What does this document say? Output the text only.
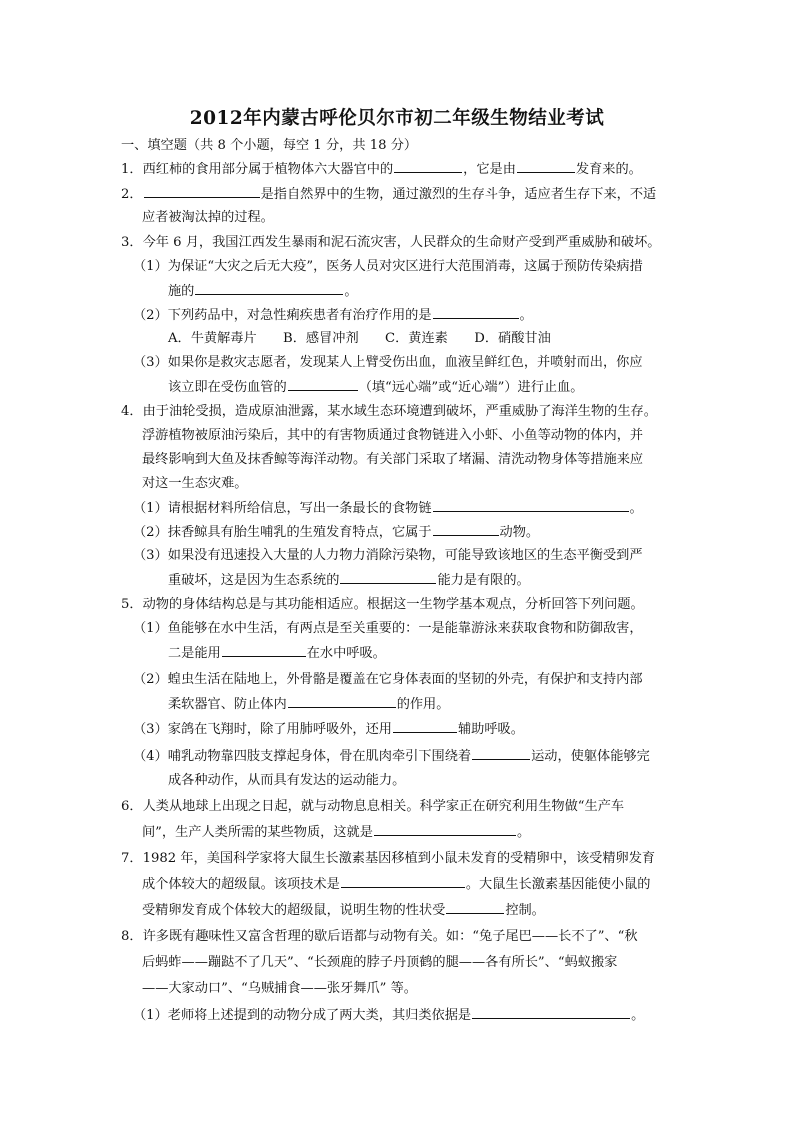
2012年内蒙古呼伦贝尔市初二年级生物结业考试
一、填空题（共 8 个小题，每空 1 分，共 18 分）
1．西红柿的食用部分属于植物体六大器官中的	，它是由	发育来的。
2．	是指自然界中的生物，通过激烈的生存斗争，适应者生存下来，不适
应者被淘汰掉的过程。
3．今年 6 月，我国江西发生暴雨和泥石流灾害，人民群众的生命财产受到严重威胁和破坏。
（1）为保证“大灾之后无大疫”，医务人员对灾区进行大范围消毒，这属于预防传染病措
施的	。
（2）下列药品中，对急性痢疾患者有治疗作用的是	。
A．牛黄解毒片　　B．感冒冲剂　　C．黄连素　　D．硝酸甘油
（3）如果你是救灾志愿者，发现某人上臂受伤出血，血液呈鲜红色，并喷射而出，你应
该立即在受伤血管的	（填“远心端”或“近心端”）进行止血。
4．由于油轮受损，造成原油泄露，某水域生态环境遭到破坏，严重威胁了海洋生物的生存。
浮游植物被原油污染后，其中的有害物质通过食物链进入小虾、小鱼等动物的体内，并
最终影响到大鱼及抹香鲸等海洋动物。有关部门采取了堵漏、清洗动物身体等措施来应
对这一生态灾难。
（1）请根据材料所给信息，写出一条最长的食物链	。
（2）抹香鲸具有胎生哺乳的生殖发育特点，它属于	动物。
（3）如果没有迅速投入大量的人力物力消除污染物，可能导致该地区的生态平衡受到严
重破坏，这是因为生态系统的	能力是有限的。
5．动物的身体结构总是与其功能相适应。根据这一生物学基本观点，分析回答下列问题。
（1）鱼能够在水中生活，有两点是至关重要的：一是能靠游泳来获取食物和防御敌害，
二是能用	在水中呼吸。
（2）蝗虫生活在陆地上，外骨骼是覆盖在它身体表面的坚韧的外壳，有保护和支持内部
柔软器官、防止体内	的作用。
（3）家鸽在飞翔时，除了用肺呼吸外，还用	辅助呼吸。
（4）哺乳动物靠四肢支撑起身体，骨在肌肉牵引下围绕着	运动，使躯体能够完
成各种动作，从而具有发达的运动能力。
6．人类从地球上出现之日起，就与动物息息相关。科学家正在研究利用生物做“生产车
间”，生产人类所需的某些物质，这就是	。
7．1982 年，美国科学家将大鼠生长激素基因移植到小鼠未发育的受精卵中，该受精卵发育
成个体较大的超级鼠。该项技术是	。大鼠生长激素基因能使小鼠的
受精卵发育成个体较大的超级鼠，说明生物的性状受	控制。
8．许多既有趣味性又富含哲理的歇后语都与动物有关。如：“兔子尾巴——长不了”、“秋
后蚂蚱——蹦跶不了几天”、“长颈鹿的脖子丹顶鹤的腿——各有所长”、“蚂蚁搬家
——大家动口”、“乌贼捕食——张牙舞爪” 等。
（1）老师将上述提到的动物分成了两大类，其归类依据是	。
